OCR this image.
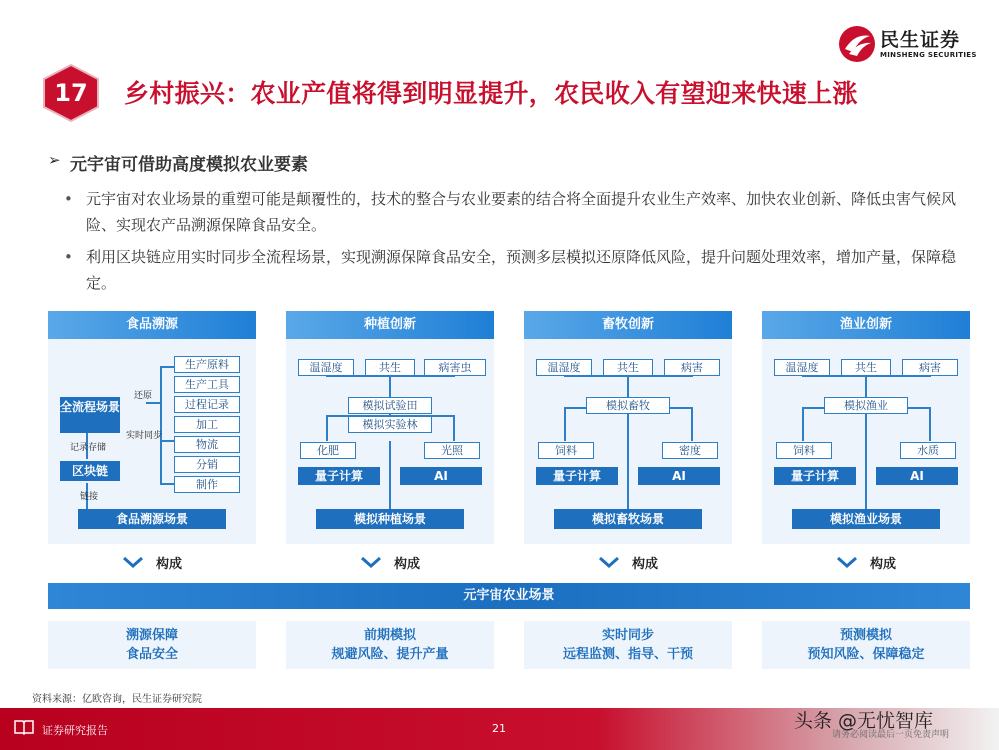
民生证券
MINSHENG SECURITIES
17	乡村振兴：农业产值将得到明显提升，农民收入有望迎来快速上涨
➢ 元宇宙可借助高度模拟农业要素
• 元宇宙对农业场景的重塑可能是颠覆性的，技术的整合与农业要素的结合将全面提升农业生产效率、加快农业创新、降低虫害气候风险、实现农产品溯源保障食品安全。
• 利用区块链应用实时同步全流程场景，实现溯源保障食品安全，预测多层模拟还原降低风险，提升问题处理效率，增加产量，保障稳定。
食品溯源
全流程场景
区块链
食品溯源场景
还原
实时同步
记录存储
链接
生产原料
生产工具
过程记录
加工
物流
分销
制作
种植创新
温湿度	共生	病害虫
模拟试验田
模拟实验林
化肥	光照
量子计算	AI
模拟种植场景
畜牧创新
温湿度	共生	病害
模拟畜牧
饲料	密度
量子计算	AI
模拟畜牧场景
渔业创新
温湿度	共生	病害
模拟渔业
饲料	水质
量子计算	AI
模拟渔业场景
构成	构成	构成	构成
元宇宙农业场景
溯源保障
食品安全
前期模拟
规避风险、提升产量
实时同步
远程监测、指导、干预
预测模拟
预知风险、保障稳定
资料来源：亿欧咨询，民生证券研究院
证券研究报告	21	请务必阅读最后一页免责声明
头条 @无忧智库
